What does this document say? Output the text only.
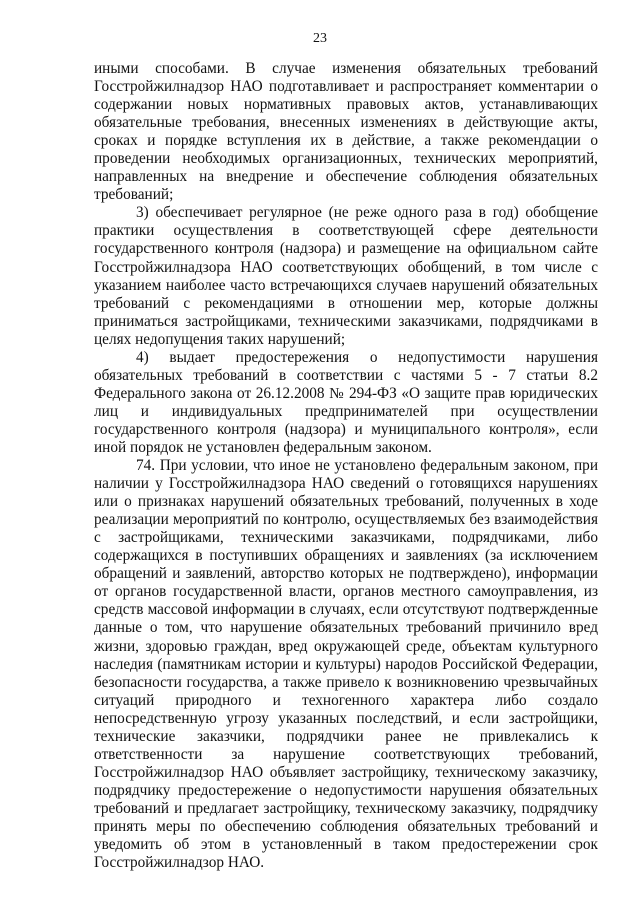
23

иными способами. В случае изменения обязательных требований Госстройжилнадзор НАО подготавливает и распространяет комментарии о содержании новых нормативных правовых актов, устанавливающих обязательные требования, внесенных изменениях в действующие акты, сроках и порядке вступления их в действие, а также рекомендации о проведении необходимых организационных, технических мероприятий, направленных на внедрение и обеспечение соблюдения обязательных требований;

3) обеспечивает регулярное (не реже одного раза в год) обобщение практики осуществления в соответствующей сфере деятельности государственного контроля (надзора) и размещение на официальном сайте Госстройжилнадзора НАО соответствующих обобщений, в том числе с указанием наиболее часто встречающихся случаев нарушений обязательных требований с рекомендациями в отношении мер, которые должны приниматься застройщиками, техническими заказчиками, подрядчиками в целях недопущения таких нарушений;

4) выдает предостережения о недопустимости нарушения обязательных требований в соответствии с частями 5 - 7 статьи 8.2 Федерального закона от 26.12.2008 № 294-ФЗ «О защите прав юридических лиц и индивидуальных предпринимателей при осуществлении государственного контроля (надзора) и муниципального контроля», если иной порядок не установлен федеральным законом.

74. При условии, что иное не установлено федеральным законом, при наличии у Госстройжилнадзора НАО сведений о готовящихся нарушениях или о признаках нарушений обязательных требований, полученных в ходе реализации мероприятий по контролю, осуществляемых без взаимодействия с застройщиками, техническими заказчиками, подрядчиками, либо содержащихся в поступивших обращениях и заявлениях (за исключением обращений и заявлений, авторство которых не подтверждено), информации от органов государственной власти, органов местного самоуправления, из средств массовой информации в случаях, если отсутствуют подтвержденные данные о том, что нарушение обязательных требований причинило вред жизни, здоровью граждан, вред окружающей среде, объектам культурного наследия (памятникам истории и культуры) народов Российской Федерации, безопасности государства, а также привело к возникновению чрезвычайных ситуаций природного и техногенного характера либо создало непосредственную угрозу указанных последствий, и если застройщики, технические заказчики, подрядчики ранее не привлекались к ответственности за нарушение соответствующих требований, Госстройжилнадзор НАО объявляет застройщику, техническому заказчику, подрядчику предостережение о недопустимости нарушения обязательных требований и предлагает застройщику, техническому заказчику, подрядчику принять меры по обеспечению соблюдения обязательных требований и уведомить об этом в установленный в таком предостережении срок Госстройжилнадзор НАО.
